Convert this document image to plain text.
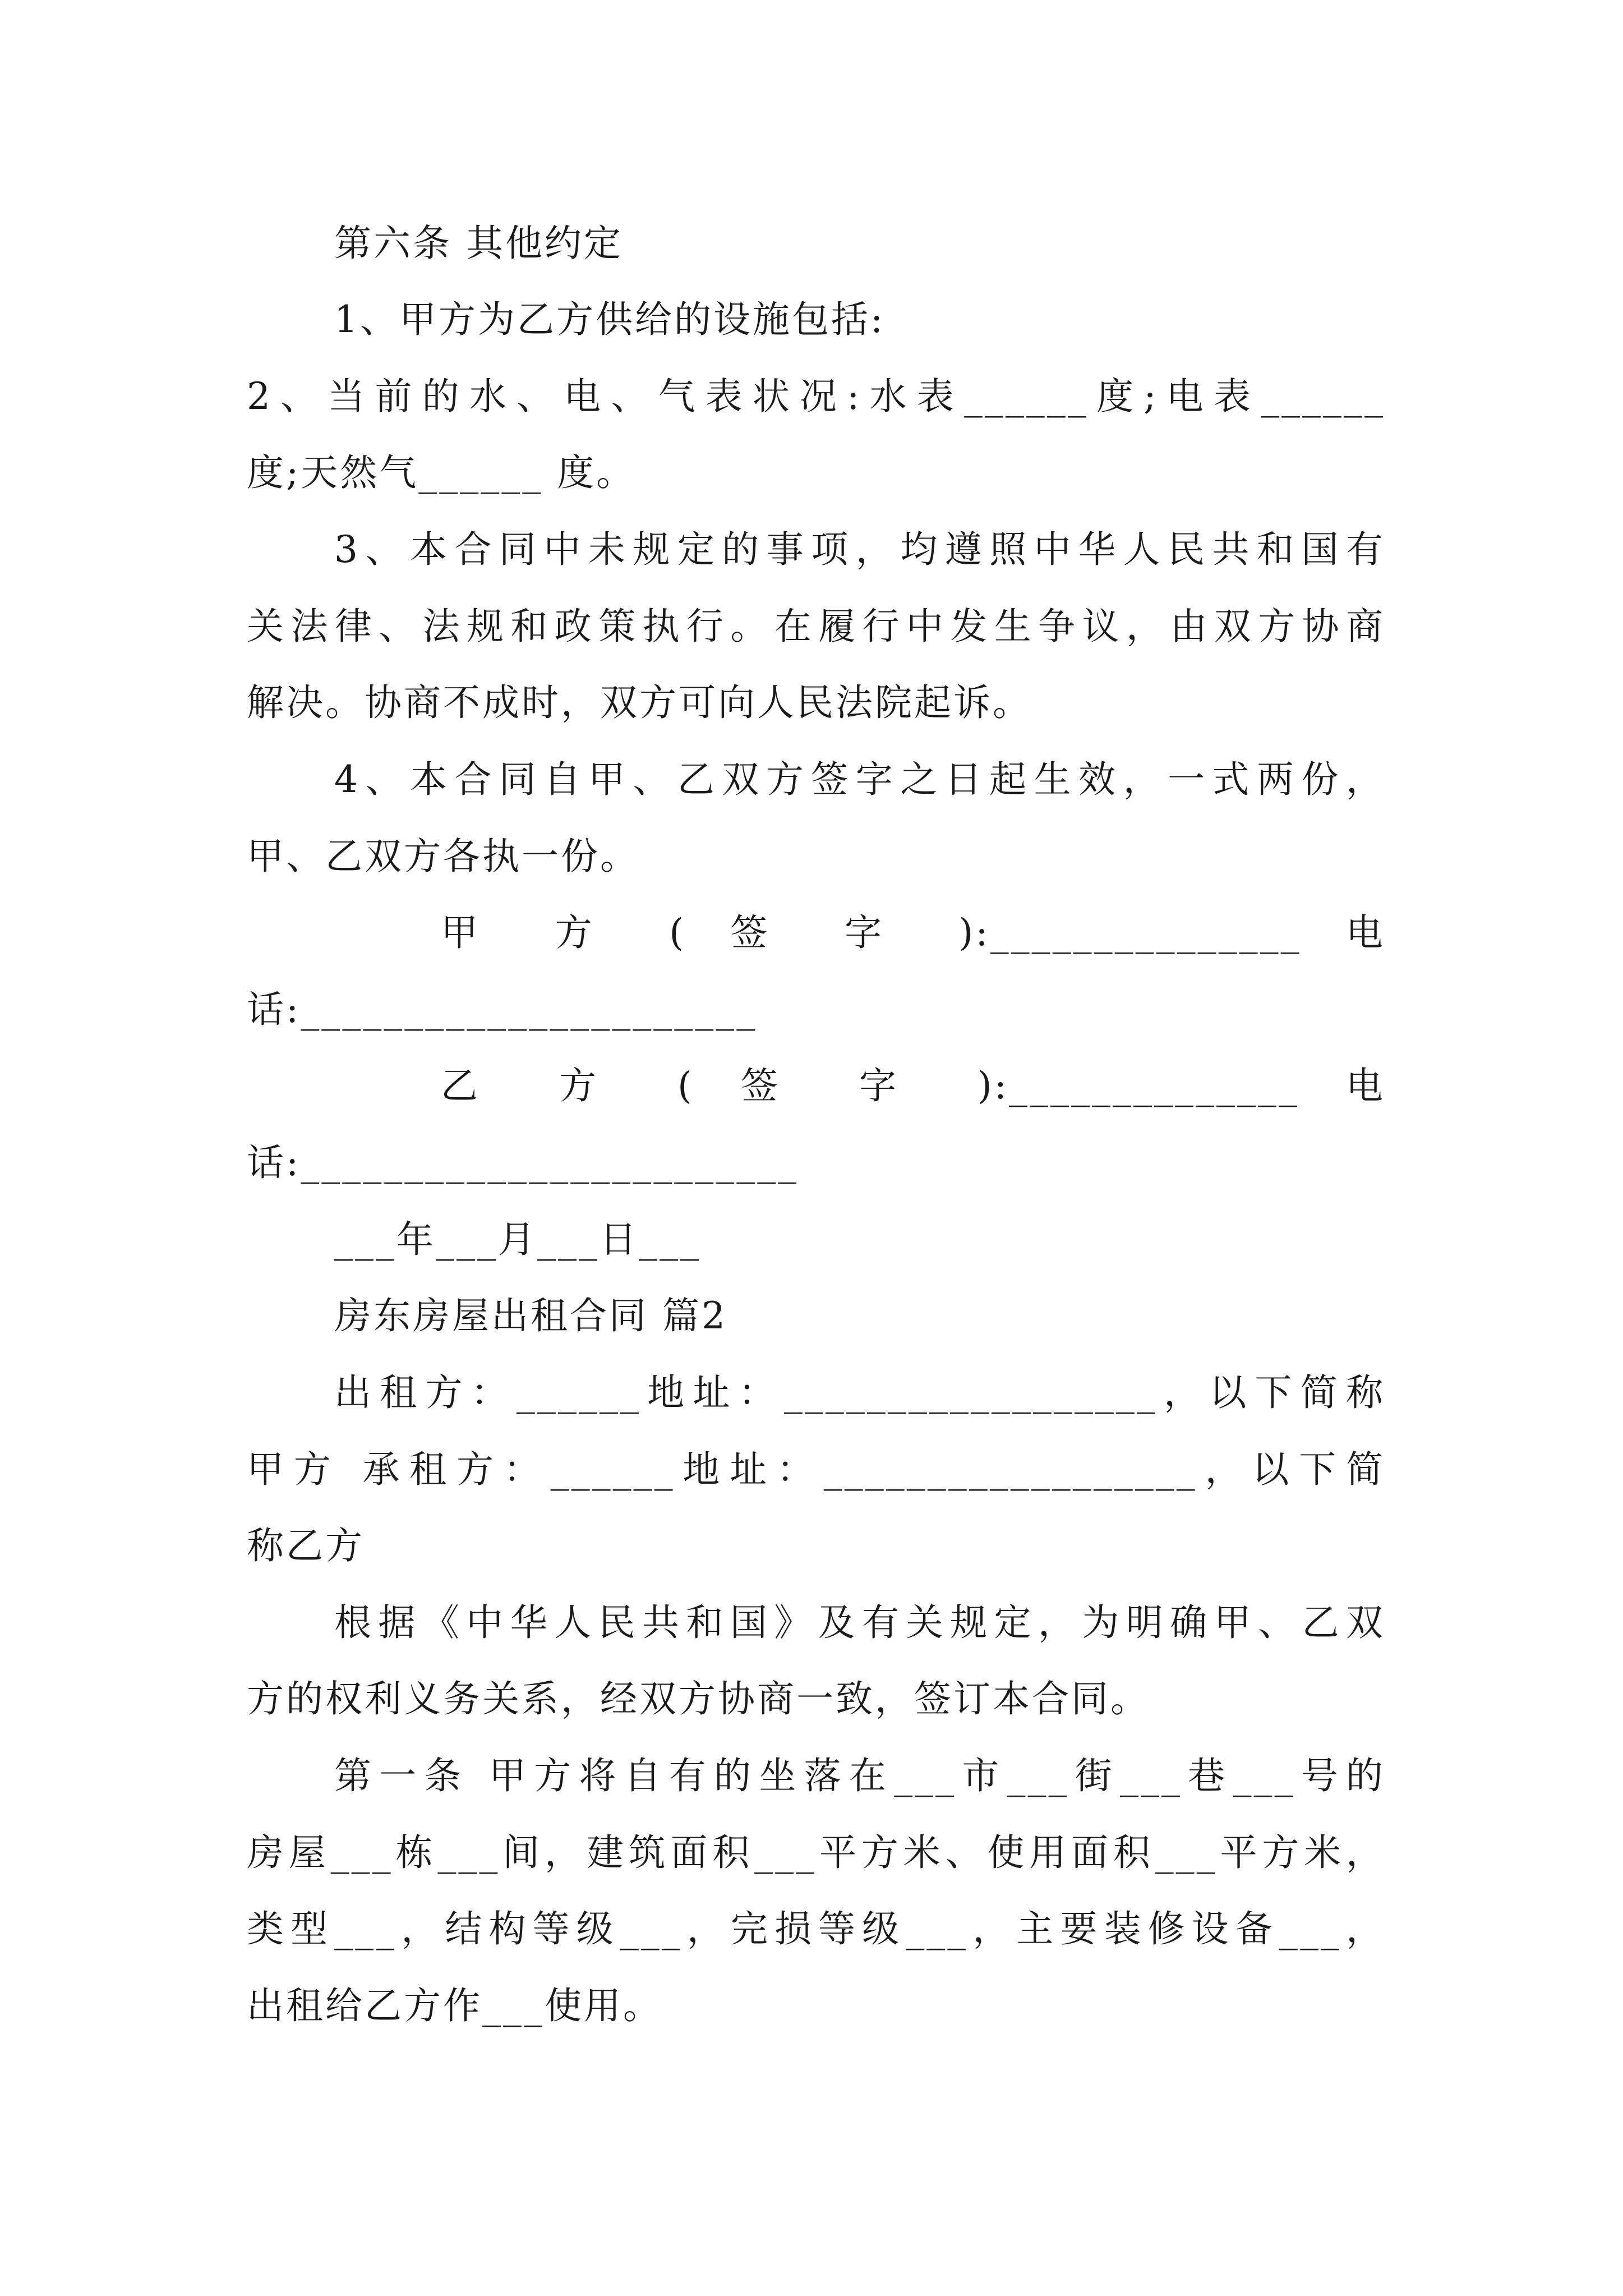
第六条 其他约定
1、甲方为乙方供给的设施包括:
2、当前的水、电、气表状况:水表______度;电表______
度;天然气______ 度。
3、本合同中未规定的事项，均遵照中华人民共和国有
关法律、法规和政策执行。在履行中发生争议，由双方协商
解决。协商不成时，双方可向人民法院起诉。
4、本合同自甲、乙双方签字之日起生效，一式两份，
甲、乙双方各执一份。
甲 方 ( 签 字 ):_______________ 电
话:______________________
乙 方 ( 签 字 ):______________ 电
话:________________________
___年___月___日___
房东房屋出租合同 篇2
出租方：______地址：__________________，以下简称
甲方 承租方：______地址：__________________，以下简
称乙方
根据《中华人民共和国》及有关规定，为明确甲、乙双
方的权利义务关系，经双方协商一致，签订本合同。
第一条 甲方将自有的坐落在___市___街___巷___号的
房屋___栋___间，建筑面积___平方米、使用面积___平方米，
类型___，结构等级___，完损等级___，主要装修设备___，
出租给乙方作___使用。
